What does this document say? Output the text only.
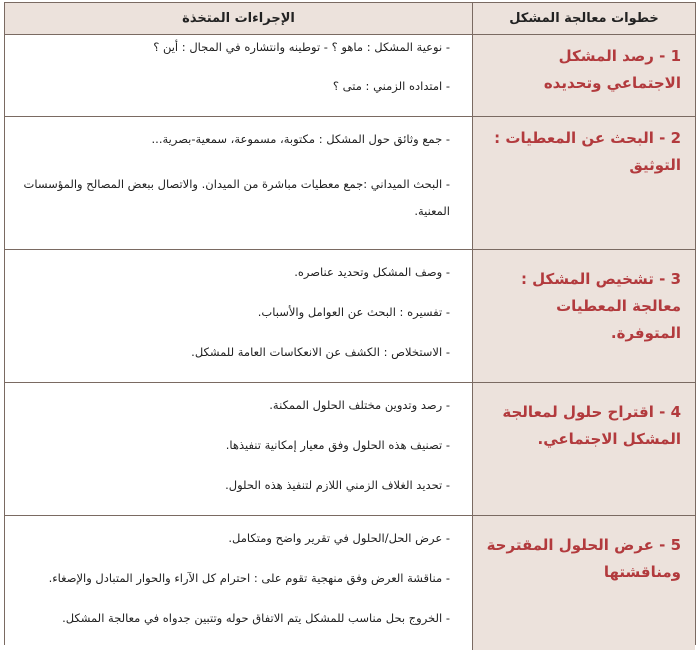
خطوات معالجة المشكل
الإجراءات المتخذة
1 - رصد المشكل الاجتماعي وتحديده
- نوعية المشكل : ماهو ؟ - توطينه وانتشاره في المجال : أين ؟
- امتداده الزمني : متى ؟
2 - البحث عن المعطيات : التوثيق
- جمع وثائق حول المشكل : مكتوبة، مسموعة، سمعية-بصرية...
- البحث الميداني :جمع معطيات مباشرة من الميدان. والاتصال ببعض المصالح والمؤسسات المعنية.
3 - تشخيص المشكل : معالجة المعطيات المتوفرة.
- وصف المشكل وتحديد عناصره.
- تفسيره : البحث عن العوامل والأسباب.
- الاستخلاص : الكشف عن الانعكاسات العامة للمشكل.
4 - اقتراح حلول لمعالجة المشكل الاجتماعي.
- رصد وتدوين مختلف الحلول الممكنة.
- تصنيف هذه الحلول وفق معيار إمكانية تنفيذها.
- تحديد الغلاف الزمني اللازم لتنفيذ هذه الحلول.
5 - عرض الحلول المقترحة ومناقشتها
- عرض الحل/الحلول في تقرير واضح ومتكامل.
- مناقشة العرض وفق منهجية تقوم على : احترام كل الآراء والحوار المتبادل والإصغاء.
- الخروج بحل مناسب للمشكل يتم الاتفاق حوله وتتبين جدواه في معالجة المشكل.
